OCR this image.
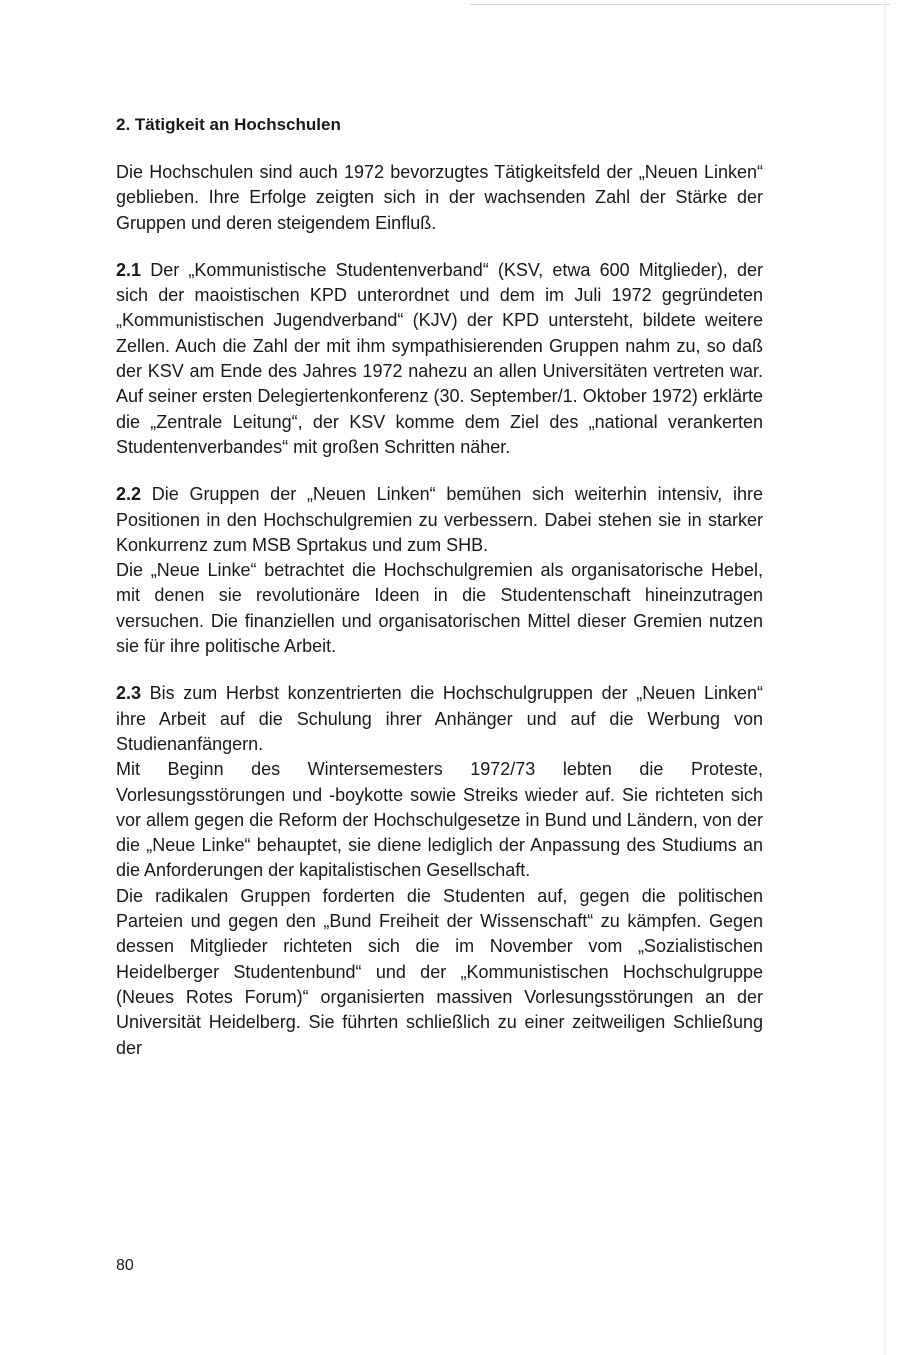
2. Tätigkeit an Hochschulen

Die Hochschulen sind auch 1972 bevorzugtes Tätigkeitsfeld der „Neuen Linken“ geblieben. Ihre Erfolge zeigten sich in der wachsenden Zahl der Stärke der Gruppen und deren steigendem Einfluß.

2.1 Der „Kommunistische Studentenverband“ (KSV, etwa 600 Mitglieder), der sich der maoistischen KPD unterordnet und dem im Juli 1972 gegründeten „Kommunistischen Jugendverband“ (KJV) der KPD untersteht, bildete weitere Zellen. Auch die Zahl der mit ihm sympathisierenden Gruppen nahm zu, so daß der KSV am Ende des Jahres 1972 nahezu an allen Universitäten vertreten war. Auf seiner ersten Delegiertenkonferenz (30. September/1. Oktober 1972) erklärte die „Zentrale Leitung“, der KSV komme dem Ziel des „national verankerten Studentenverbandes“ mit großen Schritten näher.

2.2 Die Gruppen der „Neuen Linken“ bemühen sich weiterhin intensiv, ihre Positionen in den Hochschulgremien zu verbessern. Dabei stehen sie in starker Konkurrenz zum MSB Sprtakus und zum SHB.

Die „Neue Linke“ betrachtet die Hochschulgremien als organisatorische Hebel, mit denen sie revolutionäre Ideen in die Studentenschaft hineinzutragen versuchen. Die finanziellen und organisatorischen Mittel dieser Gremien nutzen sie für ihre politische Arbeit.

2.3 Bis zum Herbst konzentrierten die Hochschulgruppen der „Neuen Linken“ ihre Arbeit auf die Schulung ihrer Anhänger und auf die Werbung von Studienanfängern.

Mit Beginn des Wintersemesters 1972/73 lebten die Proteste, Vorlesungsstörungen und -boykotte sowie Streiks wieder auf. Sie richteten sich vor allem gegen die Reform der Hochschulgesetze in Bund und Ländern, von der die „Neue Linke“ behauptet, sie diene lediglich der Anpassung des Studiums an die Anforderungen der kapitalistischen Gesellschaft.

Die radikalen Gruppen forderten die Studenten auf, gegen die politischen Parteien und gegen den „Bund Freiheit der Wissenschaft“ zu kämpfen. Gegen dessen Mitglieder richteten sich die im November vom „Sozialistischen Heidelberger Studentenbund“ und der „Kommunistischen Hochschulgruppe (Neues Rotes Forum)“ organisierten massiven Vorlesungsstörungen an der Universität Heidelberg. Sie führten schließlich zu einer zeitweiligen Schließung der

80
